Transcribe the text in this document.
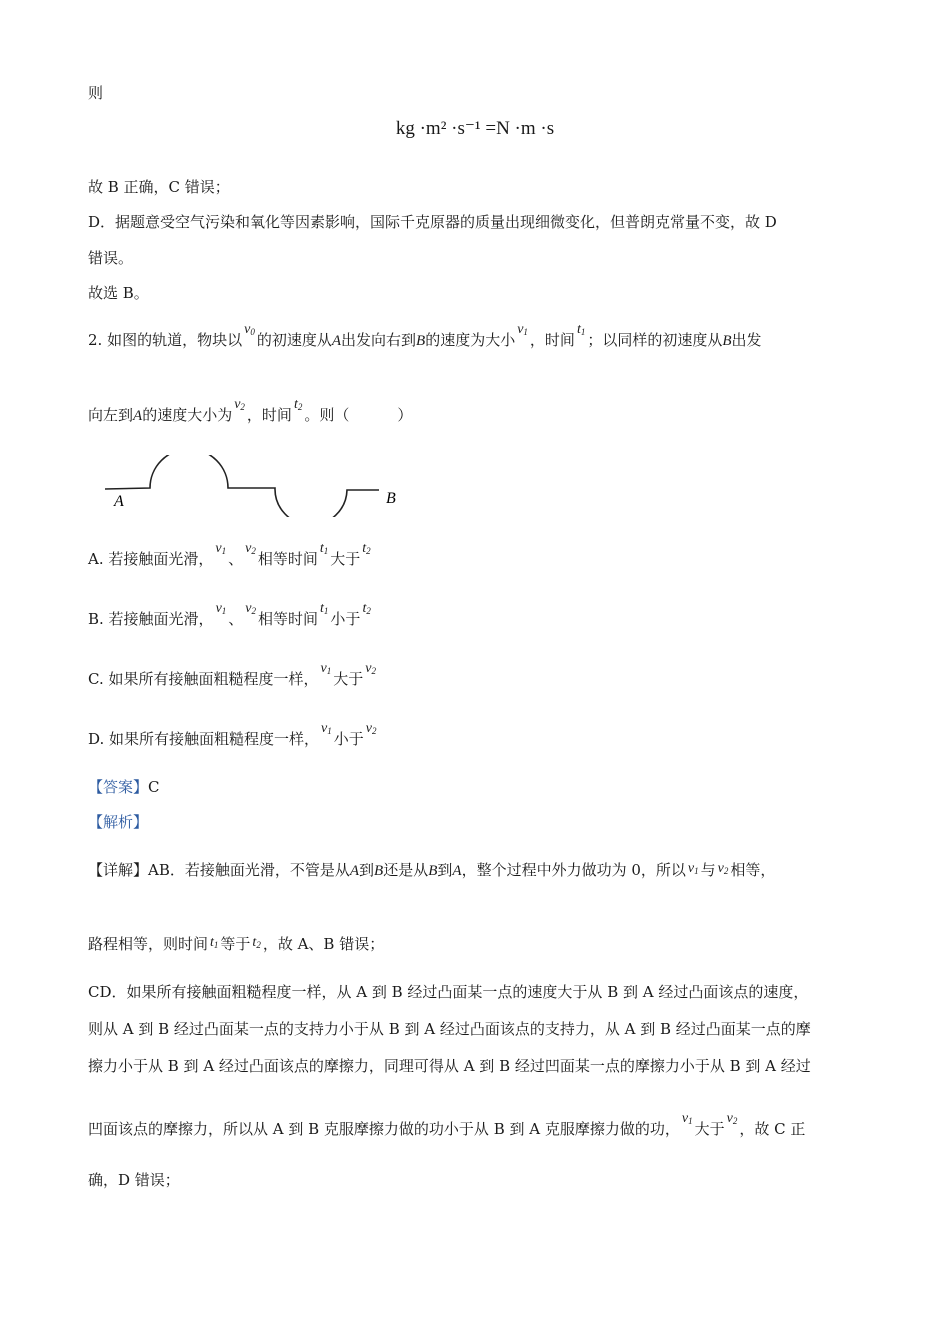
则
kg ·m² ·s⁻¹ =N ·m ·s
故 B 正确，C 错误；
D．据题意受空气污染和氧化等因素影响，国际千克原器的质量出现细微变化，但普朗克常量不变，故 D
错误。
故选 B。
2. 如图的轨道，物块以$v_0$ 的初速度从A出发向右到B的速度为大小$v_1$ ，时间$t_1$ ；以同样的初速度从B出发
向左到A的速度大小为$v_2$ ，时间$t_2$ 。则（	）
A	B
A. 若接触面光滑，$v_1$ 、$v_2$ 相等时间$t_1$ 大于$t_2$
B. 若接触面光滑，$v_1$ 、$v_2$ 相等时间$t_1$ 小于$t_2$
C. 如果所有接触面粗糙程度一样，$v_1$ 大于$v_2$
D. 如果所有接触面粗糙程度一样，$v_1$ 小于$v_2$
【答案】C
【解析】
【详解】AB．若接触面光滑，不管是从A到B还是从B到A，整个过程中外力做功为 0，所以 $v_1$ 与 $v_2$ 相等，
路程相等，则时间 $t_1$ 等于 $t_2$ ，故 A、B 错误；
CD．如果所有接触面粗糙程度一样，从 A 到 B 经过凸面某一点的速度大于从 B 到 A 经过凸面该点的速度，
则从 A 到 B 经过凸面某一点的支持力小于从 B 到 A 经过凸面该点的支持力，从 A 到 B 经过凸面某一点的摩
擦力小于从 B 到 A 经过凸面该点的摩擦力，同理可得从 A 到 B 经过凹面某一点的摩擦力小于从 B 到 A 经过
凹面该点的摩擦力，所以从 A 到 B 克服摩擦力做的功小于从 B 到 A 克服摩擦力做的功，$v_1$ 大于$v_2$ ，故 C 正
确，D 错误；
